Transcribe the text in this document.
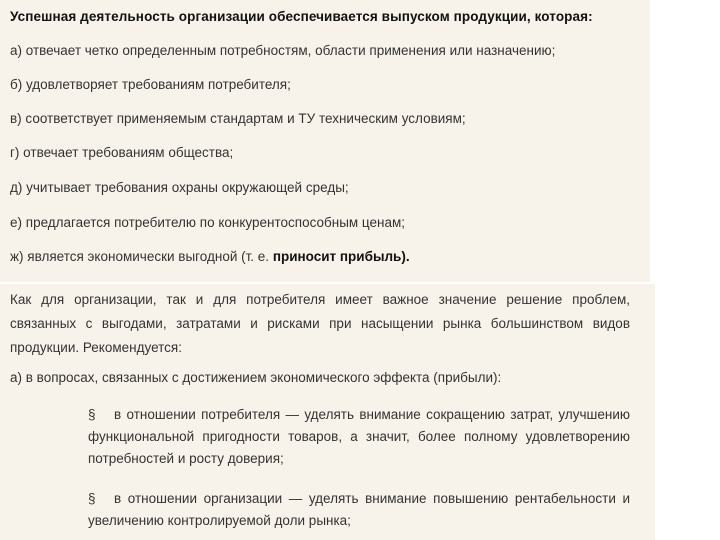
Успешная деятельность организации обеспечивается выпуском продукции, которая:
а) отвечает четко определенным потребностям, области применения или назначению;
б) удовлетворяет требованиям потребителя;
в) соответствует применяемым стандартам и ТУ техническим условиям;
г) отвечает требованиям общества;
д) учитывает требования охраны окружающей среды;
е) предлагается потребителю по конкурентоспособным ценам;
ж) является экономически выгодной (т. е. приносит прибыль).
Как для организации, так и для потребителя имеет важное значение решение проблем, связанных с выгодами, затратами и рисками при насыщении рынка большинством видов продукции. Рекомендуется:
а) в вопросах, связанных с достижением экономического эффекта (прибыли):
§ в отношении потребителя — уделять внимание сокращению затрат, улучшению функциональной пригодности товаров, а значит, более полному удовлетворению потребностей и росту доверия;
§ в отношении организации — уделять внимание повышению рентабельности и увеличению контролируемой доли рынка;
